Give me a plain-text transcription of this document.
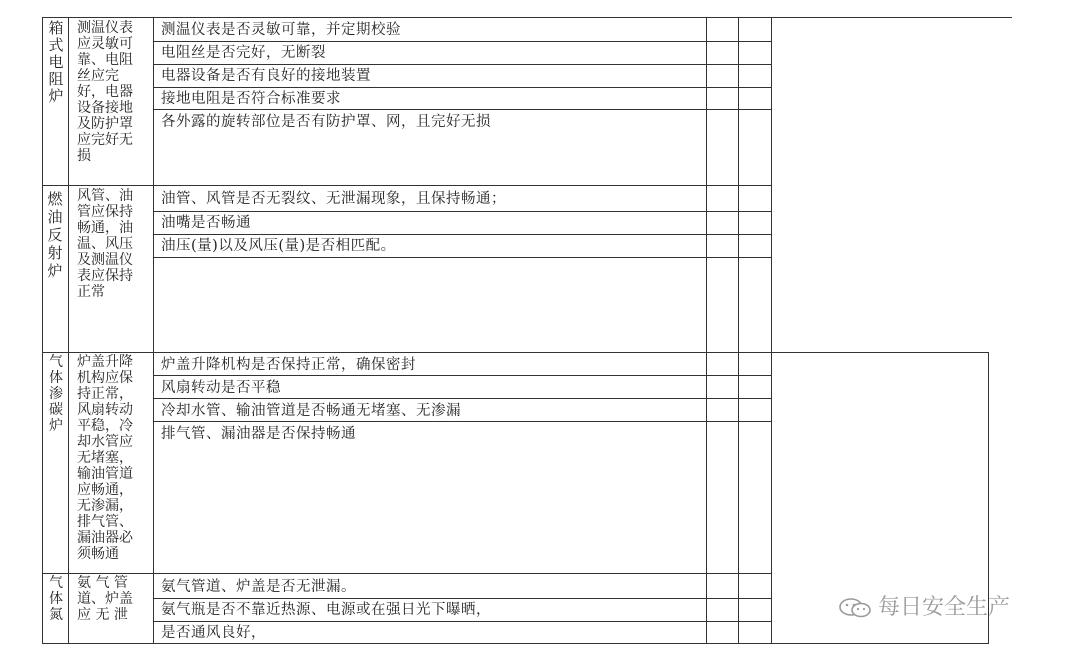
箱
式
电
阻
炉
测温仪表
应灵敏可
靠、电阻
丝应完
好，电器
设备接地
及防护罩
应完好无
损
测温仪表是否灵敏可靠，并定期校验
电阻丝是否完好，无断裂
电器设备是否有良好的接地装置
接地电阻是否符合标准要求
各外露的旋转部位是否有防护罩、网，且完好无损
燃
油
反
射
炉
风管、油
管应保持
畅通，油
温、风压
及测温仪
表应保持
正常
油管、风管是否无裂纹、无泄漏现象，且保持畅通；
油嘴是否畅通
油压(量)以及风压(量)是否相匹配。
气
体
渗
碳
炉
炉盖升降
机构应保
持正常，
风扇转动
平稳，冷
却水管应
无堵塞，
输油管道
应畅通，
无渗漏，
排气管、
漏油器必
须畅通
炉盖升降机构是否保持正常，确保密封
风扇转动是否平稳
冷却水管、输油管道是否畅通无堵塞、无渗漏
排气管、漏油器是否保持畅通
气
体
氮
氨 气 管
道、炉盖
应 无 泄
氨气管道、炉盖是否无泄漏。
氨气瓶是否不靠近热源、电源或在强日光下曝晒，
是否通风良好，
每日安全生产
